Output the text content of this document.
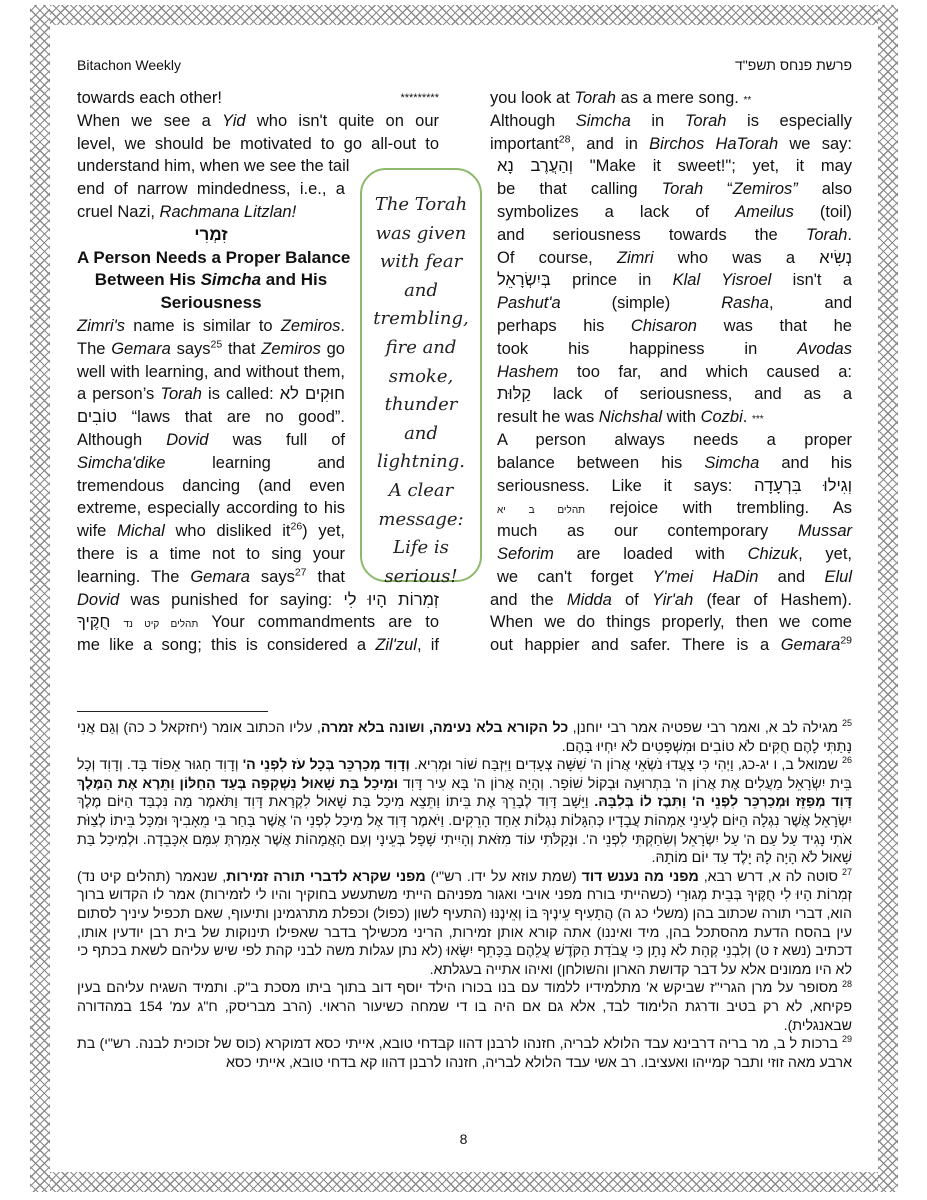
Bitachon Weekly	פרשת פנחס תשפ"ד
towards each other!	*********
When we see a Yid who isn't quite on our
level, we should be motivated to go all-out to
understand him, when we see the tail
end of narrow mindedness, i.e., a
cruel Nazi, Rachmana Litzlan!
זִמְרִי
A Person Needs a Proper Balance
Between His Simcha and His
Seriousness
Zimri's name is similar to Zemiros.
The Gemara says$^{25}$ that Zemiros go
well with learning, and without them,
a person’s Torah is called: חוּקִים לא
טוֹבִים “laws that are no good”.
Although Dovid was full of
Simcha'dike learning and
tremendous dancing (and even
extreme, especially according to his
wife Michal who disliked $it^{26}$) yet,
there is a time not to sing your
learning. The Gemara says$^{27}$ that
Dovid was punished for saying: זְמִרוֹת הָיוּ לִי
חֻקֶּיךָ תהלים קיט נד Your commandments are to
me like a song; this is considered a Zil'zul, if
you look at Torah as a mere song. **
Although Simcha in Torah is especially
important$^{28}$, and in Birchos HaTorah we say:
וְהַעֲרֶב נָא "Make it sweet!"; yet, it may
be that calling Torah “Zemiros” also
symbolizes a lack of Ameilus (toil)
and seriousness towards the Torah.
Of course, Zimri who was a נְשִׂיא
בְּיִשְׂרָאֵל prince in Klal Yisroel isn't a
Pashut'a (simple) Rasha, and
perhaps his Chisaron was that he
took his happiness in Avodas
Hashem too far, and which caused a:
קַלּוּת lack of seriousness, and as a
result he was Nichshal with Cozbi. ***
A person always needs a proper
balance between his Simcha and his
seriousness. Like it says: וְגִילוּ בִּרְעָדָה
תהלים ב יא rejoice with trembling. As
much as our contemporary Mussar
Seforim are loaded with Chizuk, yet,
we can't forget Y'mei HaDin and Elul
and the Midda of Yir'ah (fear of Hashem).
When we do things properly, then we come
out happier and safer. There is a Gemara$^{29}$
The Torah
was given
with fear
and
trembling,
fire and
smoke,
thunder
and
lightning.
A clear
message:
Life is
serious!

$^{25}$מגילה לב א, ואמר רבי שפטיה אמר רבי יוחנן, כל הקורא בלא נעימה, ושונה בלא זמרה, עליו הכתוב אומר (יחזקאל כ כה) וְגַם אֲנִי נָתַתִּי לָהֶם חֻקִּים לֹא טוֹבִים וּמִשְׁפָּטִים לֹא יִחְיוּ בָּהֶם.

$^{26}$שמואל ב, ו יג-כג, וַיְהִי כִּי צָעֲדוּ נֹשְׂאֵי אֲרוֹן ה' שִׁשָּׁה צְעָדִים וַיִּזְבַּח שׁוֹר וּמְרִיא. וְדָוִד מְכַרְכֵּר בְּכָל עֹז לִפְנֵי ה' וְדָוִד חָגוּר אֵפוֹד בָּד. וְדָוִד וְכָל בֵּית יִשְׂרָאֵל מַעֲלִים אֶת אֲרוֹן ה' בִּתְרוּעָה וּבְקוֹל שׁוֹפָר. וְהָיָה אֲרוֹן ה' בָּא עִיר דָּוִד וּמִיכַל בַּת שָׁאוּל נִשְׁקְפָה בְּעַד הַחַלּוֹן וַתֵּרֶא אֶת הַמֶּלֶךְ דָּוִד מְפַזֵּז וּמְכַרְכֵּר לִפְנֵי ה' וַתִּבֶז לוֹ בְּלִבָּהּ. וַיָּשָׁב דָּוִד לְבָרֵךְ אֶת בֵּיתוֹ וַתֵּצֵא מִיכַל בַּת שָׁאוּל לִקְרַאת דָּוִד וַתֹּאמֶר מַה נִּכְבַּד הַיּוֹם מֶלֶךְ יִשְׂרָאֵל אֲשֶׁר נִגְלָה הַיּוֹם לְעֵינֵי אַמְהוֹת עֲבָדָיו כְּהִגָּלוֹת נִגְלוֹת אַחַד הָרֵקִים. וַיֹּאמֶר דָּוִד אֶל מִיכַל לִפְנֵי ה' אֲשֶׁר בָּחַר בִּי מֵאָבִיךְ וּמִכָּל בֵּיתוֹ לְצַוֹּת אֹתִי נָגִיד עַל עַם ה' עַל יִשְׂרָאֵל וְשִׂחַקְתִּי לִפְנֵי ה'. וּנְקַלֹּתִי עוֹד מִזֹּאת וְהָיִיתִי שָׁפָל בְּעֵינָי וְעִם הָאֲמָהוֹת אֲשֶׁר אָמַרְתְּ עִמָּם אִכָּבֵדָה. וּלְמִיכַל בַּת שָׁאוּל לֹא הָיָה לָהּ יָלֶד עַד יוֹם מוֹתָהּ.

$^{27}$סוטה לה א, דרש רבא, מפני מה נענש דוד (שמת עוזא על ידו. רש"י) מפני שקרא לדברי תורה זמירות, שנאמר (תהלים קיט נד) זְמִרוֹת הָיוּ לִי חֻקֶּיךָ בְּבֵית מְגוּרָי (כשהייתי בורח מפני אויבי ואגור מפניהם הייתי משתעשע בחוקיך והיו לי לזמירות) אמר לו הקדוש ברוך הוא, דברי תורה שכתוב בהן (משלי כג ה) הֲתָעִיף עֵינֶיךָ בּוֹ וְאֵינֶנּוּ (התעיף לשון (כפול) וכפלת מתרגמינן ותיעוף, שאם תכפיל עיניך לסתום עין בהסח הדעת מהסתכל בהן, מיד ואיננו) אתה קורא אותן זמירות, הריני מכשילך בדבר שאפילו תינוקות של בית רבן יודעין אותו, דכתיב (נשא ז ט) וְלִבְנֵי קְהָת לֹא נָתָן כִּי עֲבֹדַת הַקֹּדֶשׁ עֲלֵהֶם בַּכָּתֵף יִשָּׂאוּ (לא נתן עגלות משה לבני קהת לפי שיש עליהם לשאת בכתף כי לא היו ממונים אלא על דבר קדושת הארון והשולחן) ואיהו אתייה בעגלתא.

$^{28}$מסופר על מרן הגרי"ז שביקש א' מתלמידיו ללמוד עם בנו בכורו הילד יוסף דוב בתוך ביתו מסכת ב"ק. ותמיד השגיח עליהם בעין פקיחא, לא רק בטיב ודרגת הלימוד לבד, אלא גם אם היה בו די שמחה כשיעור הראוי. (הרב מבריסק, ח"ג עמ' 154 במהדורה שבאנגלית).

$^{29}$ברכות ל ב, מר בריה דרבינא עבד הלולא לבריה, חזנהו לרבנן דהוו קבדחי טובא, אייתי כסא דמוקרא (כוס של זכוכית לבנה. רש"י) בת ארבע מאה זוזי ותבר קמייהו ואעציבו. רב אשי עבד הלולא לבריה, חזנהו לרבנן דהוו קא בדחי טובא, אייתי כסא

8
